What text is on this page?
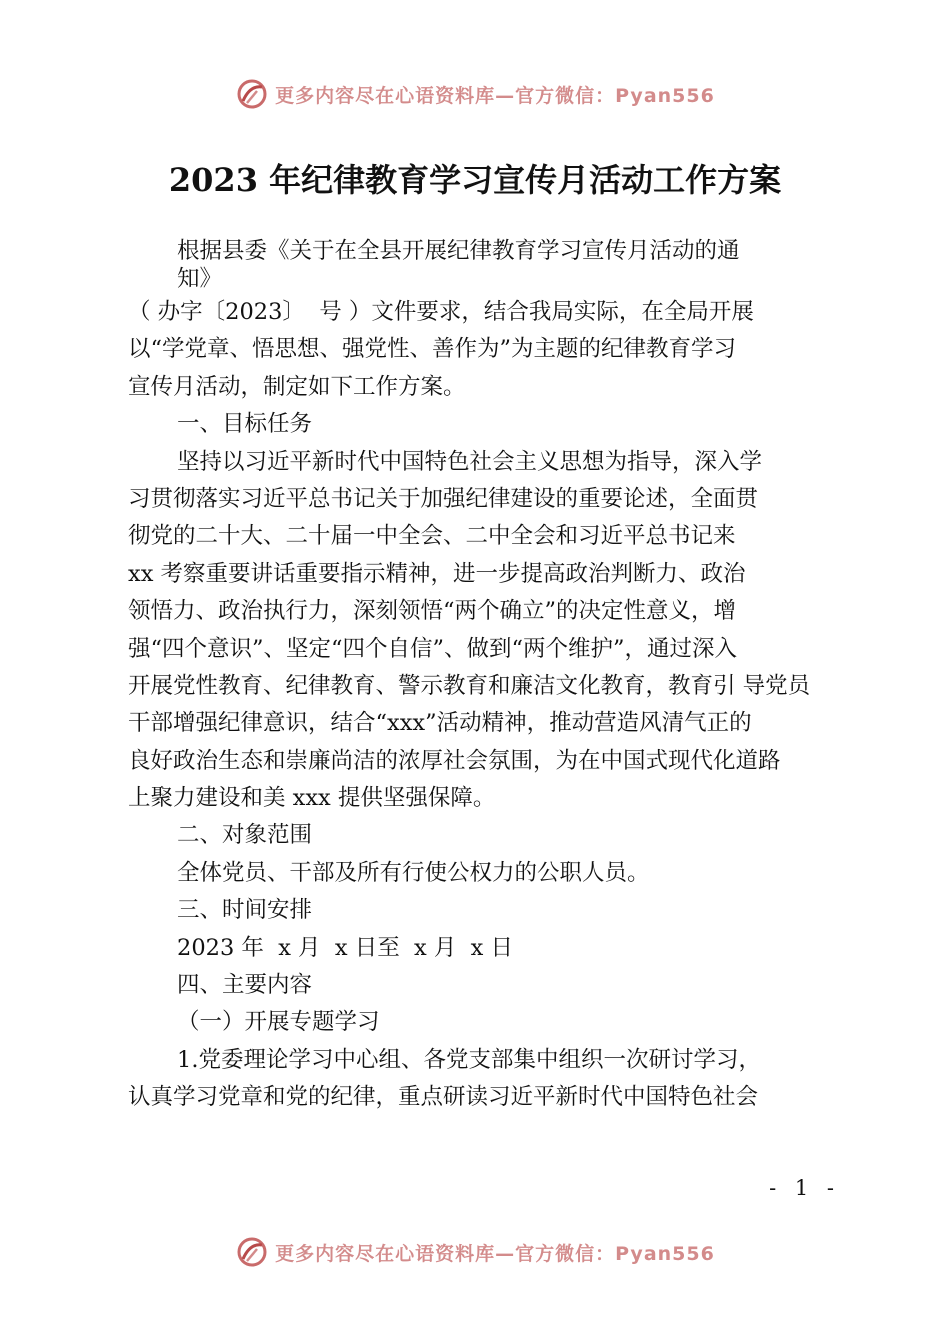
更多内容尽在心语资料库—官方微信：Pyan556
2023 年纪律教育学习宣传月活动工作方案
根据县委《关于在全县开展纪律教育学习宣传月活动的通
知》
（ 办字〔2023〕  号 ）文件要求，结合我局实际，在全局开展
以“学党章、悟思想、强党性、善作为”为主题的纪律教育学习
宣传月活动，制定如下工作方案。
一、目标任务
坚持以习近平新时代中国特色社会主义思想为指导，深入学
习贯彻落实习近平总书记关于加强纪律建设的重要论述，全面贯
彻党的二十大、二十届一中全会、二中全会和习近平总书记来
xx 考察重要讲话重要指示精神，进一步提高政治判断力、政治
领悟力、政治执行力，深刻领悟“两个确立”的决定性意义，增
强“四个意识”、坚定“四个自信”、做到“两个维护”，通过深入
开展党性教育、纪律教育、警示教育和廉洁文化教育，教育引 导党员
干部增强纪律意识，结合“xxx”活动精神，推动营造风清气正的
良好政治生态和崇廉尚洁的浓厚社会氛围，为在中国式现代化道路
上聚力建设和美 xxx 提供坚强保障。
二、对象范围
全体党员、干部及所有行使公权力的公职人员。
三、时间安排
2023 年  x 月  x 日至  x 月  x 日
四、主要内容
（一）开展专题学习
1.党委理论学习中心组、各党支部集中组织一次研讨学习，
认真学习党章和党的纪律，重点研读习近平新时代中国特色社会
- 1 -
更多内容尽在心语资料库—官方微信：Pyan556
